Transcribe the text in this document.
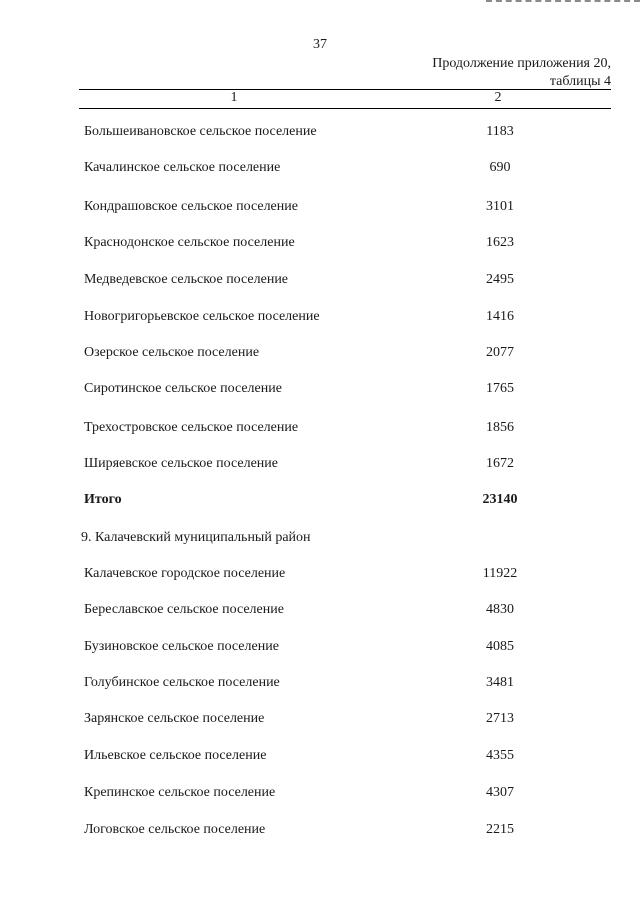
37
Продолжение приложения 20,
таблицы 4
1	2
Большеивановское сельское поселение	1183
Качалинское сельское поселение	690
Кондрашовское сельское поселение	3101
Краснодонское сельское поселение	1623
Медведевское сельское поселение	2495
Новогригорьевское сельское поселение	1416
Озерское сельское поселение	2077
Сиротинское сельское поселение	1765
Трехостровское сельское поселение	1856
Ширяевское сельское поселение	1672
Итого	23140
9. Калачевский муниципальный район
Калачевское городское поселение	11922
Береславское сельское поселение	4830
Бузиновское сельское поселение	4085
Голубинское сельское поселение	3481
Зарянское сельское поселение	2713
Ильевское сельское поселение	4355
Крепинское сельское поселение	4307
Логовское сельское поселение	2215
